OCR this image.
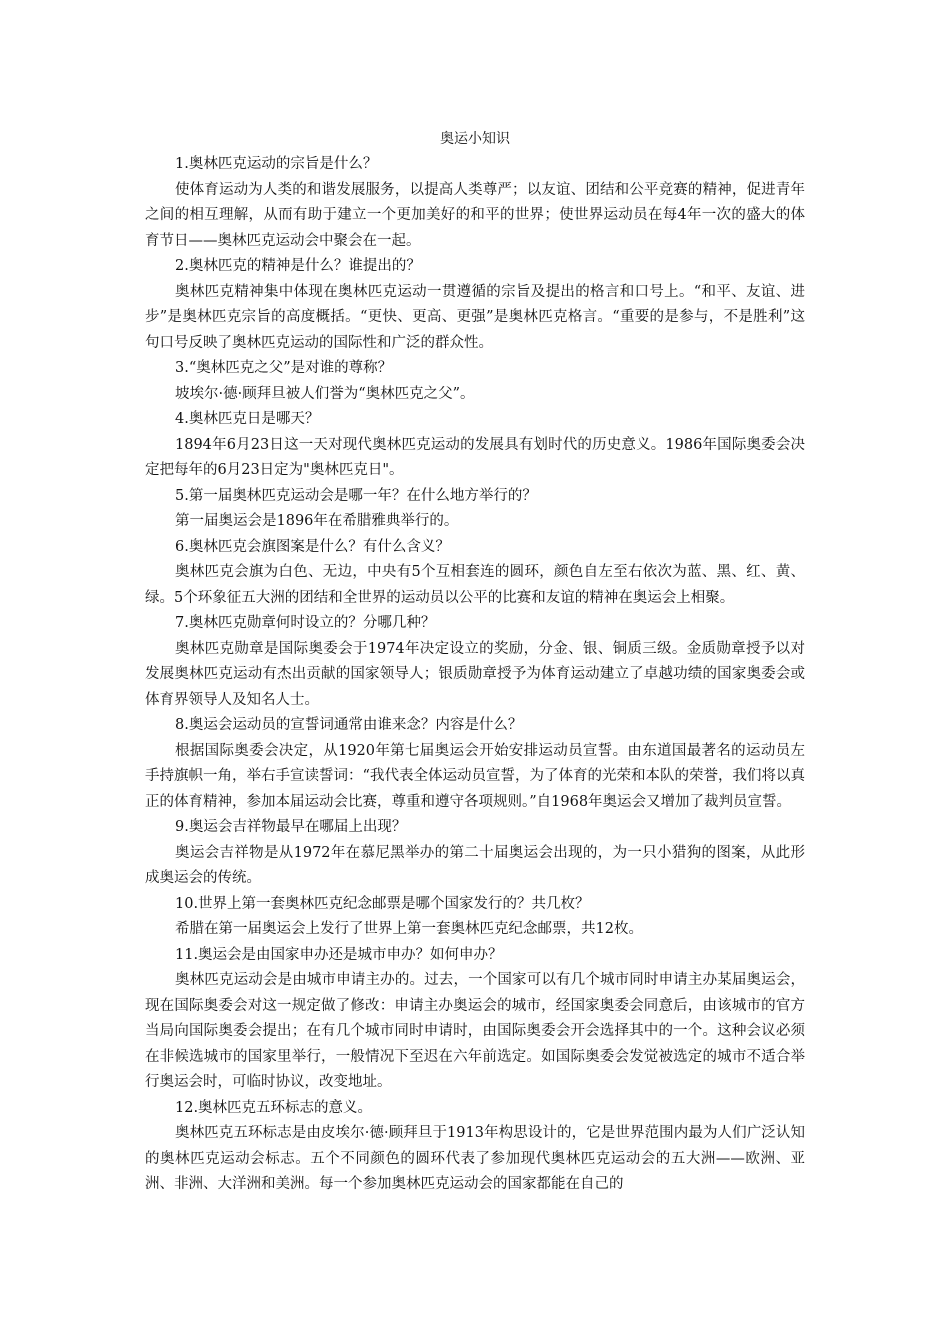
奥运小知识

1.奥林匹克运动的宗旨是什么？

使体育运动为人类的和谐发展服务，以提高人类尊严；以友谊、团结和公平竞赛的精神，促进青年之间的相互理解，从而有助于建立一个更加美好的和平的世界；使世界运动员在每4年一次的盛大的体育节日——奥林匹克运动会中聚会在一起。

2.奥林匹克的精神是什么？谁提出的？

奥林匹克精神集中体现在奥林匹克运动一贯遵循的宗旨及提出的格言和口号上。“和平、友谊、进步”是奥林匹克宗旨的高度概括。“更快、更高、更强”是奥林匹克格言。“重要的是参与，不是胜利”这句口号反映了奥林匹克运动的国际性和广泛的群众性。

3.“奥林匹克之父”是对谁的尊称？

坡埃尔·德·顾拜旦被人们誉为“奥林匹克之父”。

4.奥林匹克日是哪天？

1894年6月23日这一天对现代奥林匹克运动的发展具有划时代的历史意义。1986年国际奥委会决定把每年的6月23日定为"奥林匹克日"。

5.第一届奥林匹克运动会是哪一年？在什么地方举行的？

第一届奥运会是1896年在希腊雅典举行的。

6.奥林匹克会旗图案是什么？有什么含义？

奥林匹克会旗为白色、无边，中央有5个互相套连的圆环，颜色自左至右依次为蓝、黑、红、黄、绿。5个环象征五大洲的团结和全世界的运动员以公平的比赛和友谊的精神在奥运会上相聚。

7.奥林匹克勋章何时设立的？分哪几种？

奥林匹克勋章是国际奥委会于1974年决定设立的奖励，分金、银、铜质三级。金质勋章授予以对发展奥林匹克运动有杰出贡献的国家领导人；银质勋章授予为体育运动建立了卓越功绩的国家奥委会或体育界领导人及知名人士。

8.奥运会运动员的宣誓词通常由谁来念？内容是什么？

根据国际奥委会决定，从1920年第七届奥运会开始安排运动员宣誓。由东道国最著名的运动员左手持旗帜一角，举右手宣读誓词：“我代表全体运动员宣誓，为了体育的光荣和本队的荣誉，我们将以真正的体育精神，参加本届运动会比赛，尊重和遵守各项规则。”自1968年奥运会又增加了裁判员宣誓。

9.奥运会吉祥物最早在哪届上出现？

奥运会吉祥物是从1972年在慕尼黑举办的第二十届奥运会出现的，为一只小猎狗的图案，从此形成奥运会的传统。

10.世界上第一套奥林匹克纪念邮票是哪个国家发行的？共几枚？

希腊在第一届奥运会上发行了世界上第一套奥林匹克纪念邮票，共12枚。

11.奥运会是由国家申办还是城市申办？如何申办？

奥林匹克运动会是由城市申请主办的。过去，一个国家可以有几个城市同时申请主办某届奥运会，现在国际奥委会对这一规定做了修改：申请主办奥运会的城市，经国家奥委会同意后，由该城市的官方当局向国际奥委会提出；在有几个城市同时申请时，由国际奥委会开会选择其中的一个。这种会议必须在非候选城市的国家里举行，一般情况下至迟在六年前选定。如国际奥委会发觉被选定的城市不适合举行奥运会时，可临时协议，改变地址。

12.奥林匹克五环标志的意义。

奥林匹克五环标志是由皮埃尔·德·顾拜旦于1913年构思设计的，它是世界范围内最为人们广泛认知的奥林匹克运动会标志。五个不同颜色的圆环代表了参加现代奥林匹克运动会的五大洲——欧洲、亚洲、非洲、大洋洲和美洲。每一个参加奥林匹克运动会的国家都能在自己的
